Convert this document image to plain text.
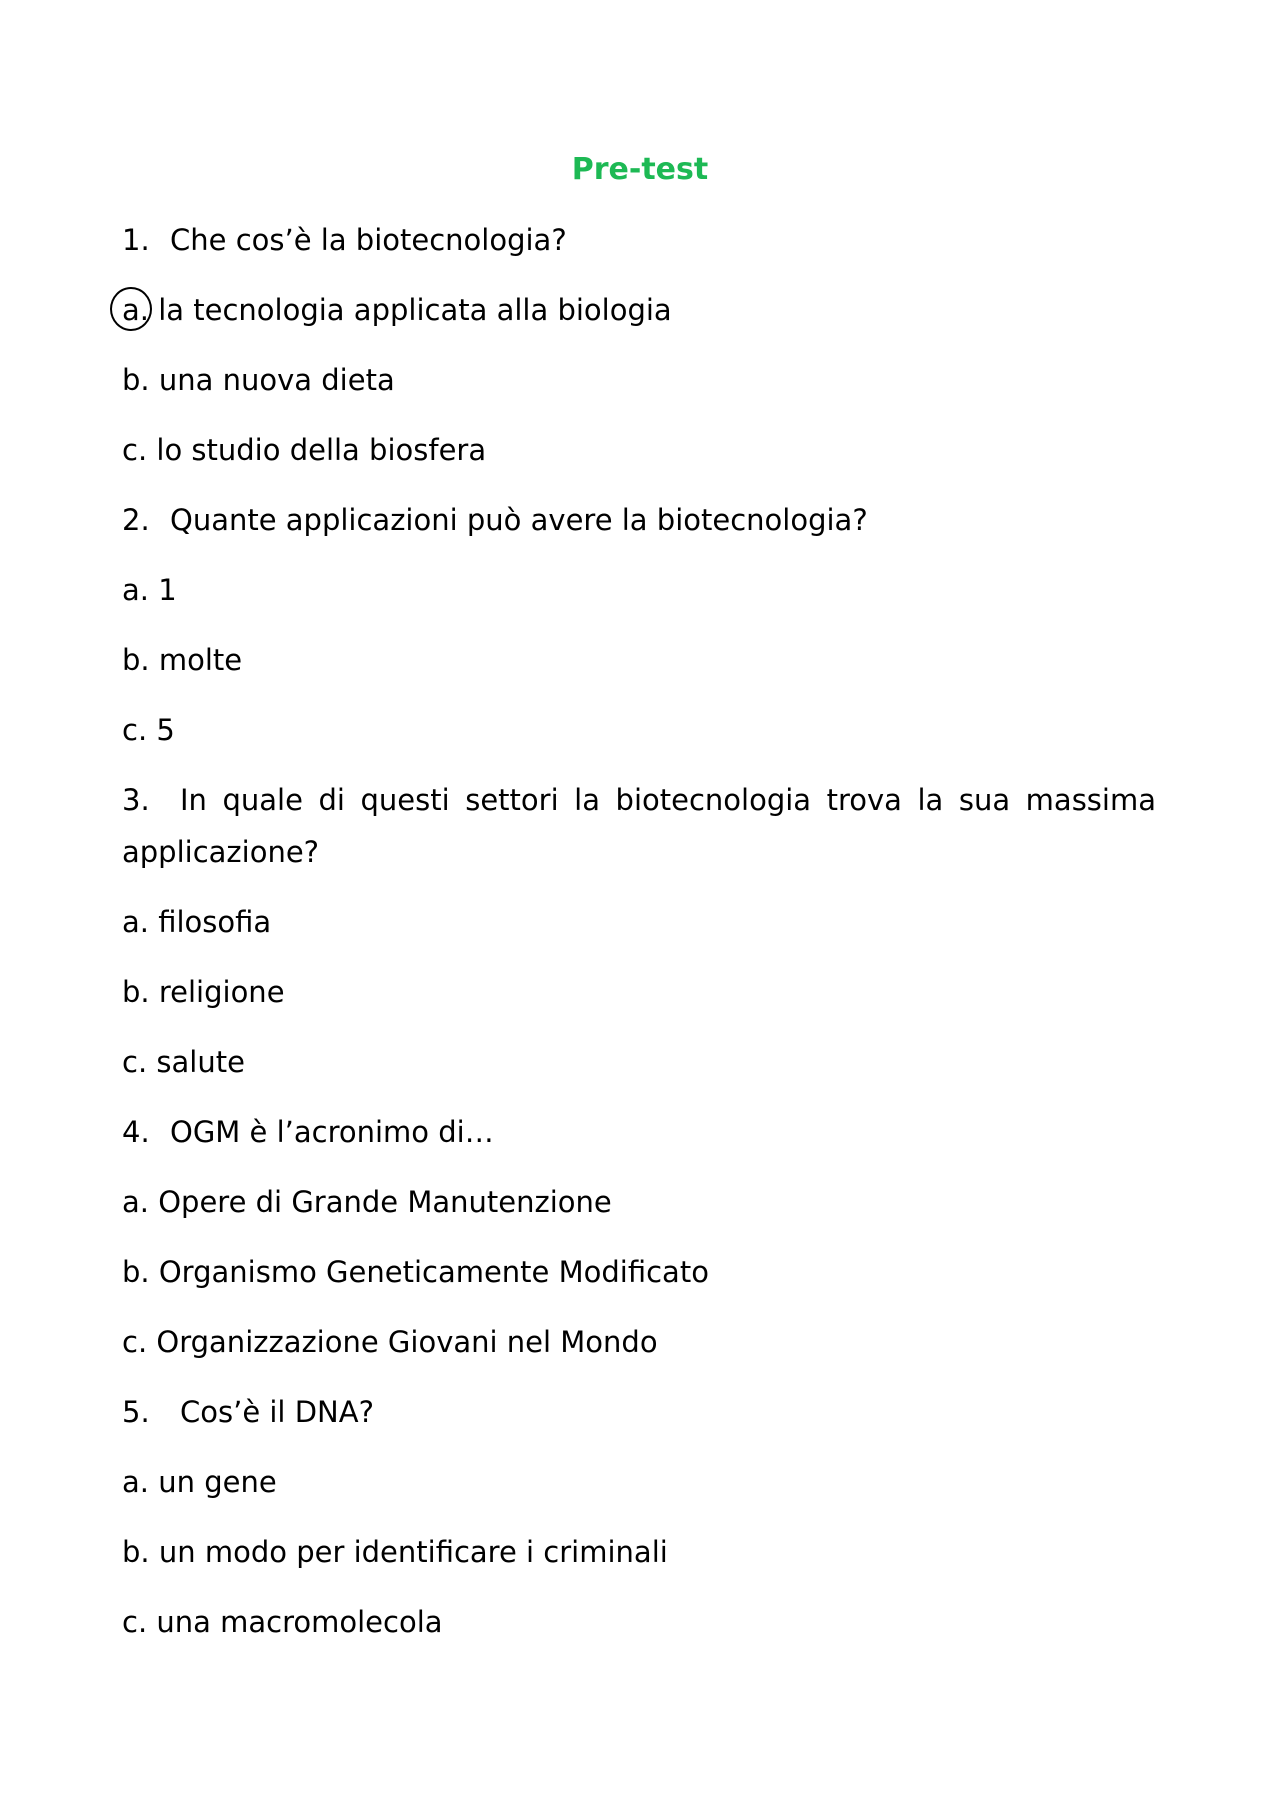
Pre-test
1. Che cos’è la biotecnologia?
a. la tecnologia applicata alla biologia
b. una nuova dieta
c. lo studio della biosfera
2. Quante applicazioni può avere la biotecnologia?
a. 1
b. molte
c. 5
3. In quale di questi settori la biotecnologia trova la sua massima applicazione?
a. filosofia
b. religione
c. salute
4. OGM è l’acronimo di…
a. Opere di Grande Manutenzione
b. Organismo Geneticamente Modificato
c. Organizzazione Giovani nel Mondo
5. Cos’è il DNA?
a. un gene
b. un modo per identificare i criminali
c. una macromolecola
